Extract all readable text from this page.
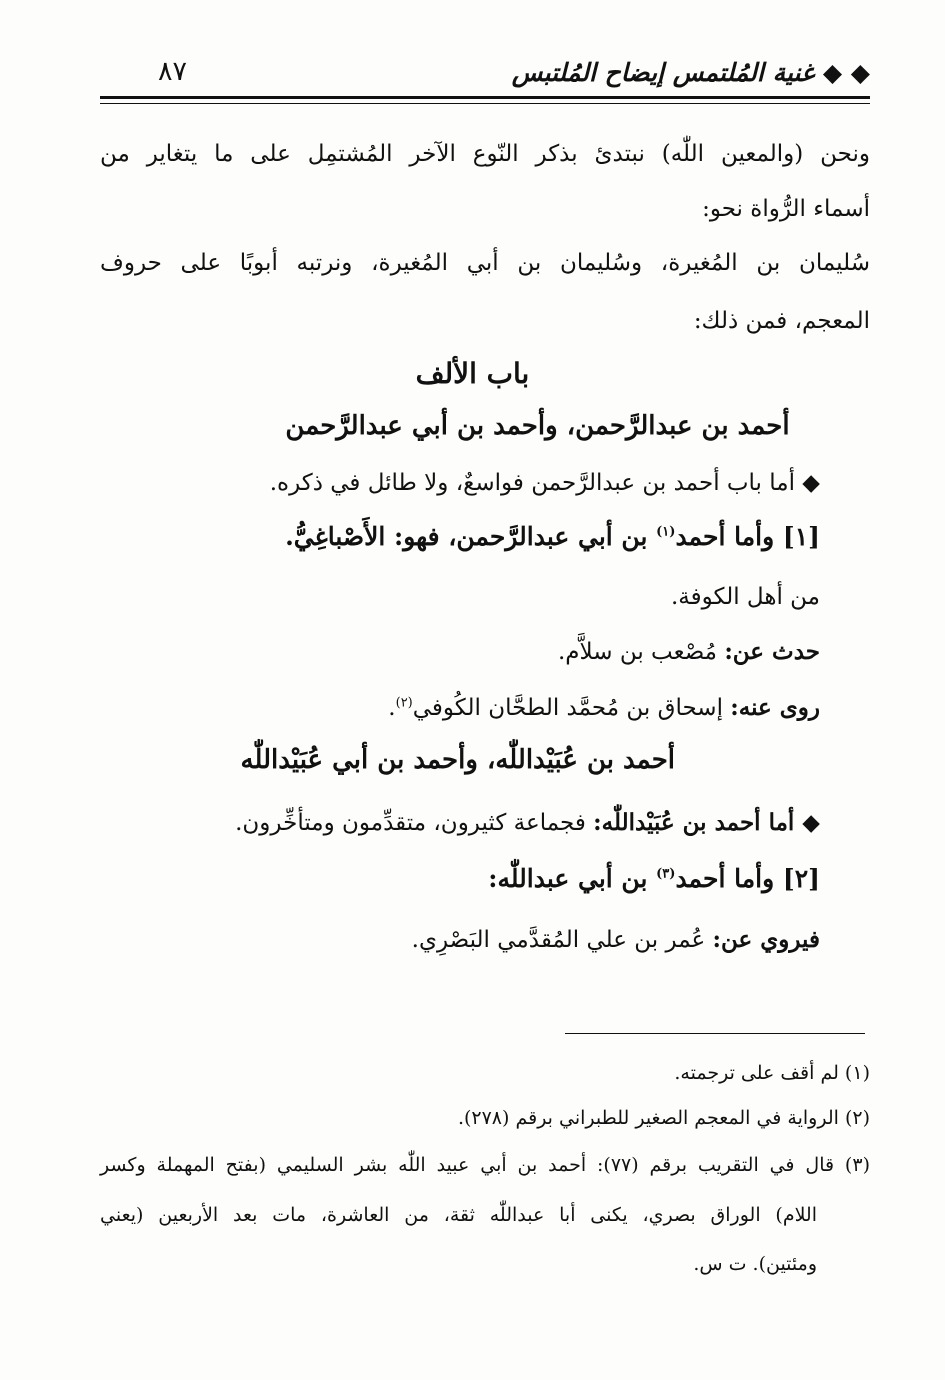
◆ ◆ غنية المُلتمس إيضاح المُلتبس
٨٧
ونحن (والمعين اللّٰه) نبتدئ بذكر النّوع الآخر المُشتمِل على ما يتغاير من
أسماء الرُّواة نحو:
سُليمان بن المُغيرة، وسُليمان بن أبي المُغيرة، ونرتبه أبوبًا على حروف
المعجم، فمن ذلك:
باب الألف
أحمد بن عبدالرَّحمن، وأحمد بن أبي عبدالرَّحمن
◆ أما باب أحمد بن عبدالرَّحمن فواسعٌ، ولا طائل في ذكره.
[١] وأما أحمد$^{(١)}$ بن أبي عبدالرَّحمن، فهو: الأَصْباغِيُّ.
من أهل الكوفة.
حدث عن: مُصْعب بن سلاَّم.
روى عنه: إسحاق بن مُحمَّد الطحَّان الكُوفي$^{(٢)}$.
أحمد بن عُبَيْداللّٰه، وأحمد بن أبي عُبَيْداللّٰه
◆ أما أحمد بن عُبَيْداللّٰه: فجماعة كثيرون، متقدِّمون ومتأخِّرون.
[٢] وأما أحمد$^{(٣)}$ بن أبي عبداللّٰه:
فيروي عن: عُمر بن علي المُقدَّمي البَصْرِي.
(١) لم أقف على ترجمته.
(٢) الرواية في المعجم الصغير للطبراني برقم (٢٧٨).
(٣) قال في التقريب برقم (٧٧): أحمد بن أبي عبيد اللّٰه بشر السليمي (بفتح المهملة وكسر
اللام) الوراق بصري، يكنى أبا عبداللّٰه ثقة، من العاشرة، مات بعد الأربعين (يعني
ومئتين). ت س.
